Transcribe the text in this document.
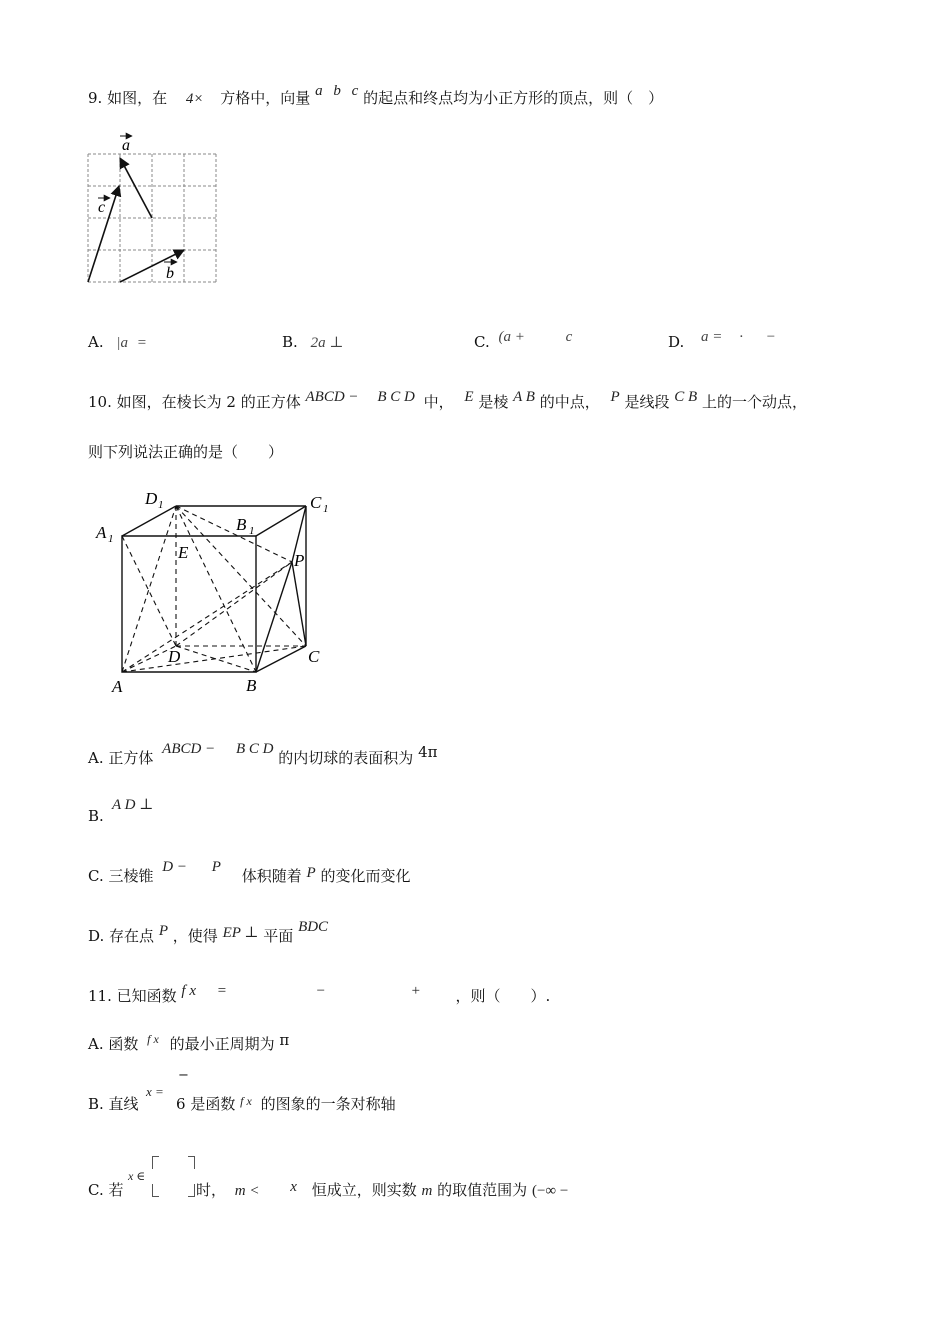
9. 如图，在 4× 方格中，向量 a b c 的起点和终点均为小正方形的顶点，则（　）
a
c
b
A. |a =	B. 2a ⊥	C. (a +	c	D. a = · −
10. 如图，在棱长为 2 的正方体 ABCD − B C D 中， E 是棱 A B 的中点， P 是线段 C B 上的一个动点，
则下列说法正确的是（　　）
D 1	C 1
A 1
B 1
E	P
D	C
A	B
A. 正方体 ABCD − B C D 的内切球的表面积为 4π
B.
A D ⊥
C. 三棱锥 D − P 体积随着 P 的变化而变化
D. 存在点 P ，使得 EP ⊥ 平面 BDC
11. 已知函数 f x =	−	+ ，则（　　）.
A. 函数 $^{f x}$ 的最小正周期为 π
B. 直线
x =
−
6 是函数 $^{f x}$ 的图象的一条对称轴
C. 若
x ∈
时， m < x 恒成立，则实数 m 的取值范围为 (−∞ −
